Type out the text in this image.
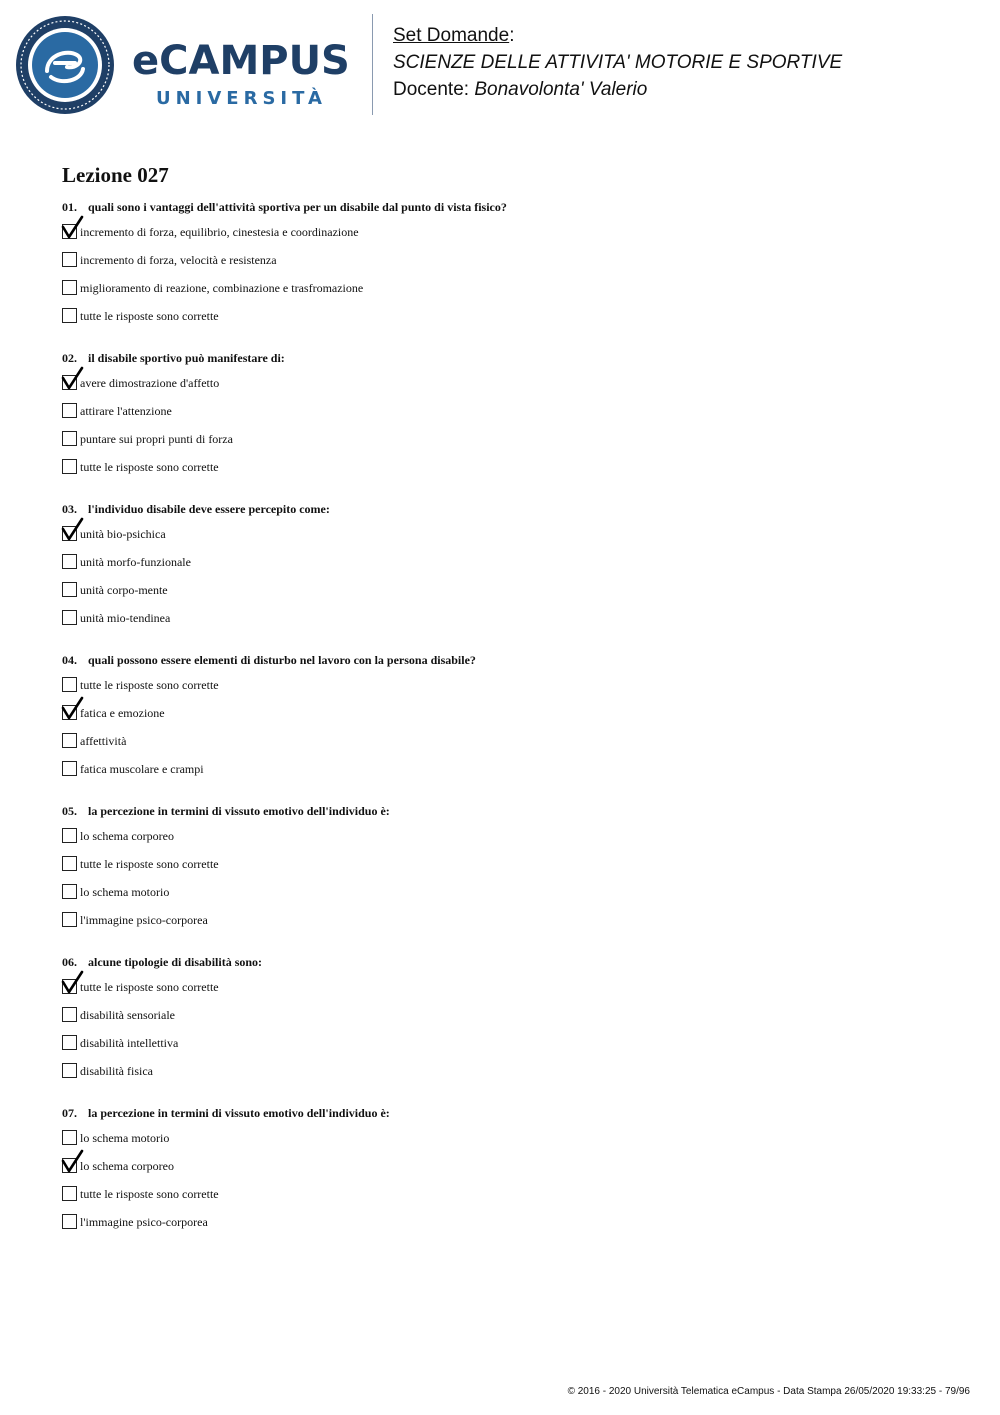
eCAMPUS
UNIVERSITÀ
Set Domande:
SCIENZE DELLE ATTIVITA' MOTORIE E SPORTIVE
Docente: Bonavolonta' Valerio
Lezione 027
01. quali sono i vantaggi dell'attività sportiva per un disabile dal punto di vista fisico?
incremento di forza, equilibrio, cinestesia e coordinazione
incremento di forza, velocità e resistenza
miglioramento di reazione, combinazione e trasfromazione
tutte le risposte sono corrette
02. il disabile sportivo può manifestare di:
avere dimostrazione d'affetto
attirare l'attenzione
puntare sui propri punti di forza
tutte le risposte sono corrette
03. l'individuo disabile deve essere percepito come:
unità bio-psichica
unità morfo-funzionale
unità corpo-mente
unità mio-tendinea
04. quali possono essere elementi di disturbo nel lavoro con la persona disabile?
tutte le risposte sono corrette
fatica e emozione
affettività
fatica muscolare e crampi
05. la percezione in termini di vissuto emotivo dell'individuo è:
lo schema corporeo
tutte le risposte sono corrette
lo schema motorio
l'immagine psico-corporea
06. alcune tipologie di disabilità sono:
tutte le risposte sono corrette
disabilità sensoriale
disabilità intellettiva
disabilità fisica
07. la percezione in termini di vissuto emotivo dell'individuo è:
lo schema motorio
lo schema corporeo
tutte le risposte sono corrette
l'immagine psico-corporea
© 2016 - 2020 Università Telematica eCampus - Data Stampa 26/05/2020 19:33:25 - 79/96
